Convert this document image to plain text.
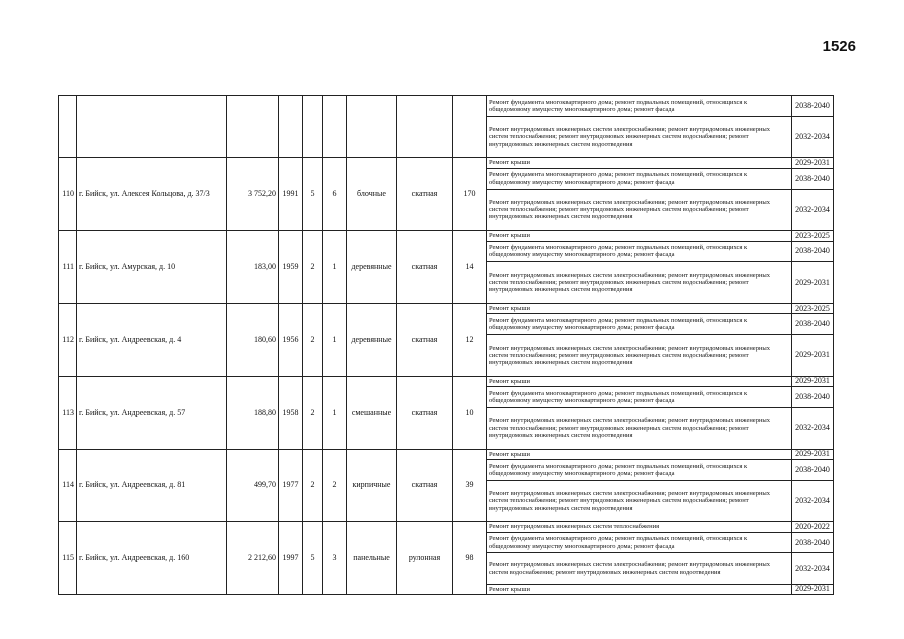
1526
									Ремонт фундамента многоквартирного дома; ремонт подвальных помещений, относящихся к общедомовому имуществу многоквартирного дома; ремонт фасада	2038-2040
									Ремонт внутридомовых инженерных систем электроснабжения; ремонт внутридомовых инженерных систем теплоснабжения; ремонт внутридомовых инженерных систем водоснабжения; ремонт внутридомовых инженерных систем водоотведения	2032-2034
110	г. Бийск, ул. Алексея Кольцова, д. 37/3	3 752,20	1991	5	6	блочные	скатная	170	Ремонт крыши	2029-2031
									Ремонт фундамента многоквартирного дома; ремонт подвальных помещений, относящихся к общедомовому имуществу многоквартирного дома; ремонт фасада	2038-2040
									Ремонт внутридомовых инженерных систем электроснабжения; ремонт внутридомовых инженерных систем теплоснабжения; ремонт внутридомовых инженерных систем водоснабжения; ремонт внутридомовых инженерных систем водоотведения	2032-2034
111	г. Бийск, ул. Амурская, д. 10	183,00	1959	2	1	деревянные	скатная	14	Ремонт крыши	2023-2025
									Ремонт фундамента многоквартирного дома; ремонт подвальных помещений, относящихся к общедомовому имуществу многоквартирного дома; ремонт фасада	2038-2040
									Ремонт внутридомовых инженерных систем электроснабжения; ремонт внутридомовых инженерных систем теплоснабжения; ремонт внутридомовых инженерных систем водоснабжения; ремонт внутридомовых инженерных систем водоотведения	2029-2031
112	г. Бийск, ул. Андреевская, д. 4	180,60	1956	2	1	деревянные	скатная	12	Ремонт крыши	2023-2025
									Ремонт фундамента многоквартирного дома; ремонт подвальных помещений, относящихся к общедомовому имуществу многоквартирного дома; ремонт фасада	2038-2040
									Ремонт внутридомовых инженерных систем электроснабжения; ремонт внутридомовых инженерных систем теплоснабжения; ремонт внутридомовых инженерных систем водоснабжения; ремонт внутридомовых инженерных систем водоотведения	2029-2031
113	г. Бийск, ул. Андреевская, д. 57	188,80	1958	2	1	смешанные	скатная	10	Ремонт крыши	2029-2031
									Ремонт фундамента многоквартирного дома; ремонт подвальных помещений, относящихся к общедомовому имуществу многоквартирного дома; ремонт фасада	2038-2040
									Ремонт внутридомовых инженерных систем электроснабжения; ремонт внутридомовых инженерных систем теплоснабжения; ремонт внутридомовых инженерных систем водоснабжения; ремонт внутридомовых инженерных систем водоотведения	2032-2034
114	г. Бийск, ул. Андреевская, д. 81	499,70	1977	2	2	кирпичные	скатная	39	Ремонт крыши	2029-2031
									Ремонт фундамента многоквартирного дома; ремонт подвальных помещений, относящихся к общедомовому имуществу многоквартирного дома; ремонт фасада	2038-2040
									Ремонт внутридомовых инженерных систем электроснабжения; ремонт внутридомовых инженерных систем теплоснабжения; ремонт внутридомовых инженерных систем водоснабжения; ремонт внутридомовых инженерных систем водоотведения	2032-2034
115	г. Бийск, ул. Андреевская, д. 160	2 212,60	1997	5	3	панельные	рулонная	98	Ремонт внутридомовых инженерных систем теплоснабжения	2020-2022
									Ремонт фундамента многоквартирного дома; ремонт подвальных помещений, относящихся к общедомовому имуществу многоквартирного дома; ремонт фасада	2038-2040
									Ремонт внутридомовых инженерных систем электроснабжения; ремонт внутридомовых инженерных систем водоснабжения; ремонт внутридомовых инженерных систем водоотведения	2032-2034
									Ремонт крыши	2029-2031
